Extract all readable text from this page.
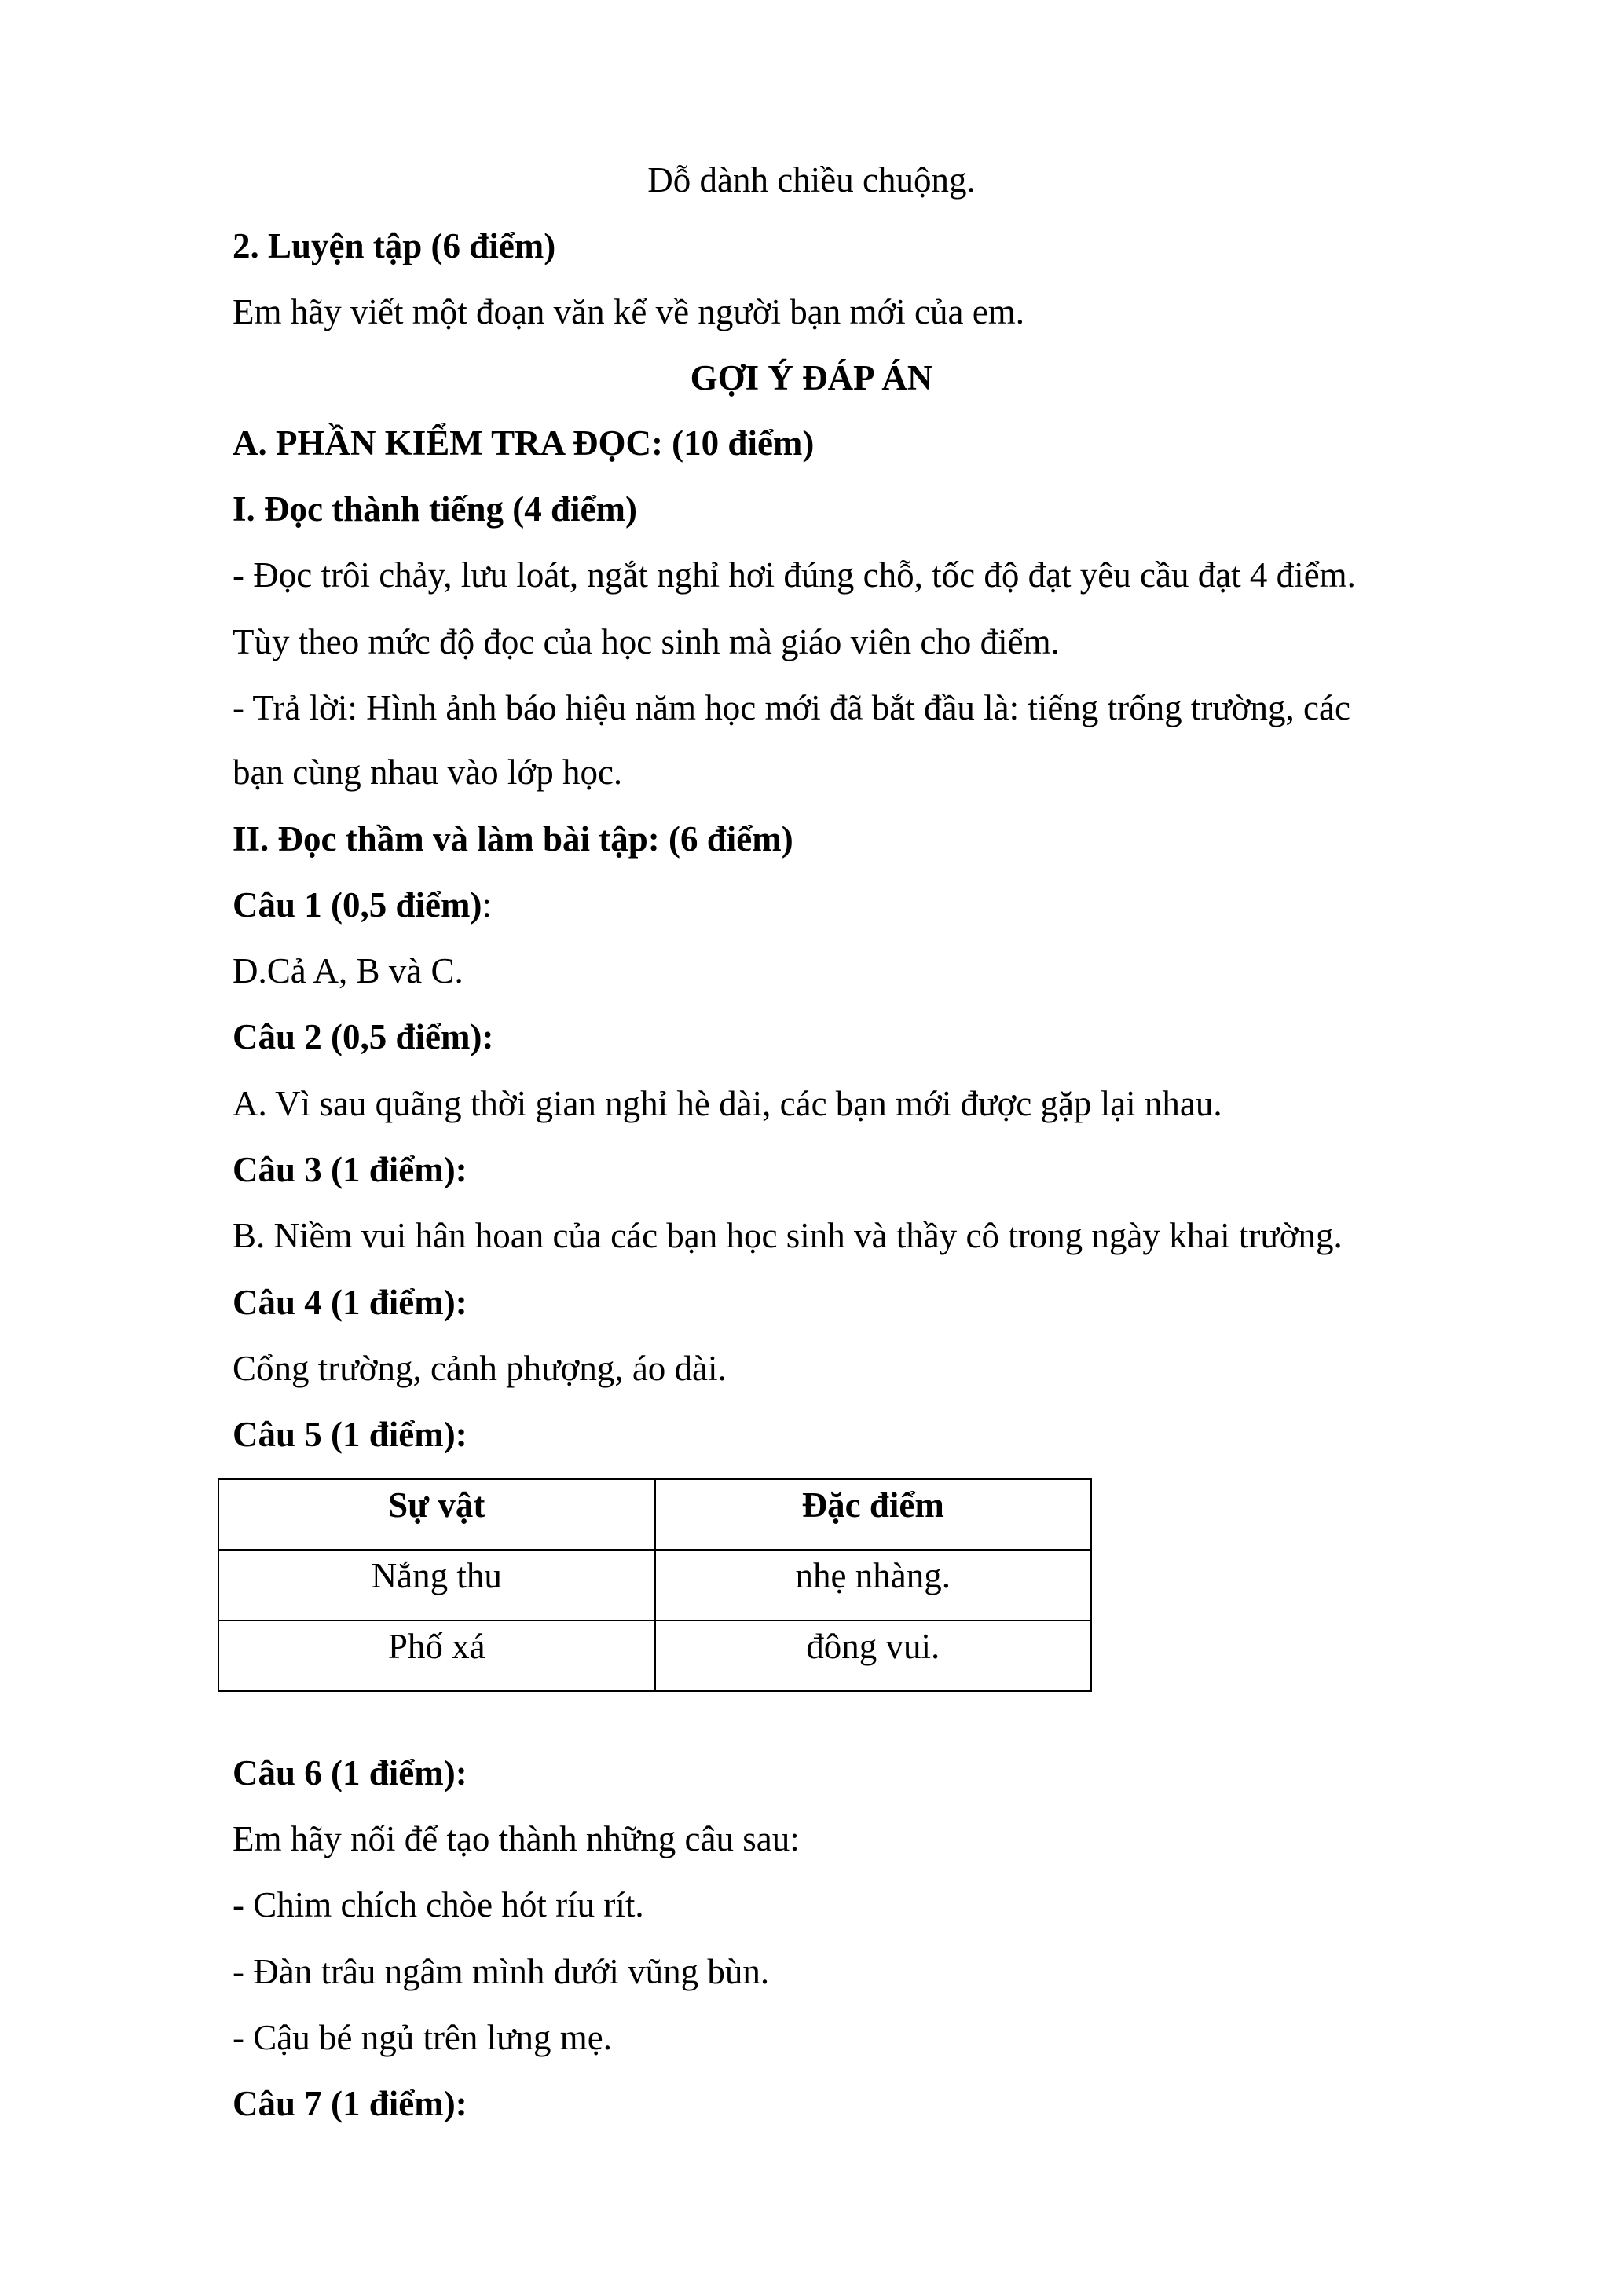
Dỗ dành chiều chuộng.
2. Luyện tập (6 điểm)
Em hãy viết một đoạn văn kể về người bạn mới của em.
GỢI Ý ĐÁP ÁN
A. PHẦN KIỂM TRA ĐỌC: (10 điểm)
I. Đọc thành tiếng (4 điểm)
- Đọc trôi chảy, lưu loát, ngắt nghỉ hơi đúng chỗ, tốc độ đạt yêu cầu đạt 4 điểm.
Tùy theo mức độ đọc của học sinh mà giáo viên cho điểm.
- Trả lời: Hình ảnh báo hiệu năm học mới đã bắt đầu là: tiếng trống trường, các
bạn cùng nhau vào lớp học.
II. Đọc thầm và làm bài tập: (6 điểm)
Câu 1 (0,5 điểm):
D.Cả A, B và C.
Câu 2 (0,5 điểm):
A. Vì sau quãng thời gian nghỉ hè dài, các bạn mới được gặp lại nhau.
Câu 3 (1 điểm):
B. Niềm vui hân hoan của các bạn học sinh và thầy cô trong ngày khai trường.
Câu 4 (1 điểm):
Cổng trường, cảnh phượng, áo dài.
Câu 5 (1 điểm):
Sự vật	Đặc điểm
Nắng thu	nhẹ nhàng.
Phố xá	đông vui.
Câu 6 (1 điểm):
Em hãy nối để tạo thành những câu sau:
- Chim chích chòe hót ríu rít.
- Đàn trâu ngâm mình dưới vũng bùn.
- Cậu bé ngủ trên lưng mẹ.
Câu 7 (1 điểm):
